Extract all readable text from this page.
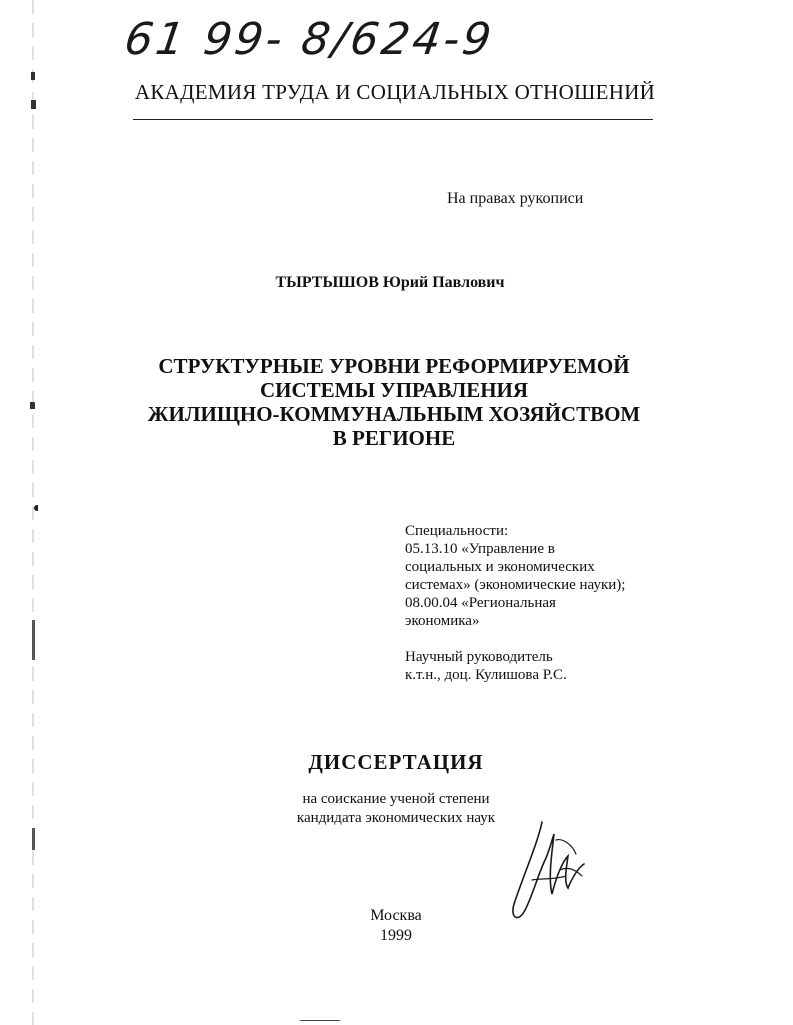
61 99- 8/624-9
АКАДЕМИЯ ТРУДА И СОЦИАЛЬНЫХ ОТНОШЕНИЙ
На правах рукописи
ТЫРТЫШОВ Юрий Павлович
СТРУКТУРНЫЕ УРОВНИ РЕФОРМИРУЕМОЙ
СИСТЕМЫ УПРАВЛЕНИЯ
ЖИЛИЩНО-КОММУНАЛЬНЫМ ХОЗЯЙСТВОМ
В РЕГИОНЕ
Специальности:
05.13.10 «Управление в
социальных и экономических
системах» (экономические науки);
08.00.04 «Региональная
экономика»
Научный руководитель
к.т.н., доц. Кулишова Р.С.
ДИССЕРТАЦИЯ
на соискание ученой степени
кандидата экономических наук
Москва
1999
